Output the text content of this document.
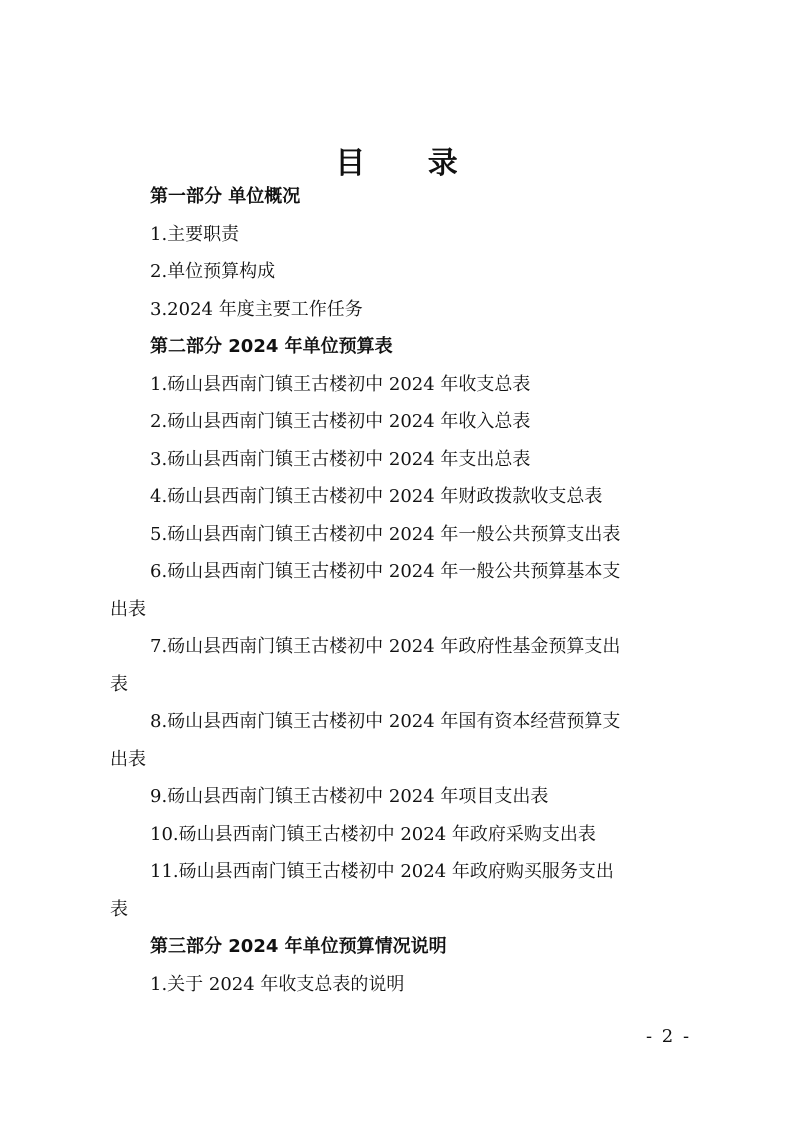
目 录
第一部分 单位概况
1.主要职责
2.单位预算构成
3.2024 年度主要工作任务
第二部分 2024 年单位预算表
1.砀山县西南门镇王古楼初中 2024 年收支总表
2.砀山县西南门镇王古楼初中 2024 年收入总表
3.砀山县西南门镇王古楼初中 2024 年支出总表
4.砀山县西南门镇王古楼初中 2024 年财政拨款收支总表
5.砀山县西南门镇王古楼初中 2024 年一般公共预算支出表
6.砀山县西南门镇王古楼初中 2024 年一般公共预算基本支
出表
7.砀山县西南门镇王古楼初中 2024 年政府性基金预算支出
表
8.砀山县西南门镇王古楼初中 2024 年国有资本经营预算支
出表
9.砀山县西南门镇王古楼初中 2024 年项目支出表
10.砀山县西南门镇王古楼初中 2024 年政府采购支出表
11.砀山县西南门镇王古楼初中 2024 年政府购买服务支出
表
第三部分 2024 年单位预算情况说明
1.关于 2024 年收支总表的说明
- 2 -
